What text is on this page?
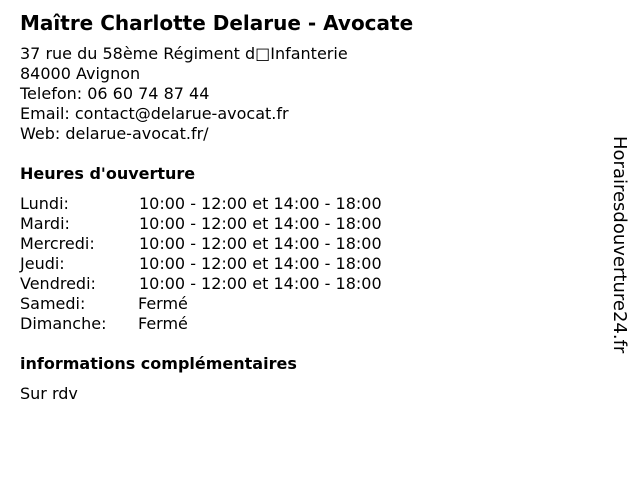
Maître Charlotte Delarue - Avocate
37 rue du 58ème Régiment d□Infanterie
84000 Avignon
Telefon: 06 60 74 87 44
Email: contact@delarue-avocat.fr
Web: delarue-avocat.fr/
Heures d'ouverture
Lundi:	10:00 - 12:00 et 14:00 - 18:00
Mardi:	10:00 - 12:00 et 14:00 - 18:00
Mercredi:	10:00 - 12:00 et 14:00 - 18:00
Jeudi:	10:00 - 12:00 et 14:00 - 18:00
Vendredi:	10:00 - 12:00 et 14:00 - 18:00
Samedi:	Fermé
Dimanche: Fermé
informations complémentaires
Sur rdv
Horairesdouverture24.fr
